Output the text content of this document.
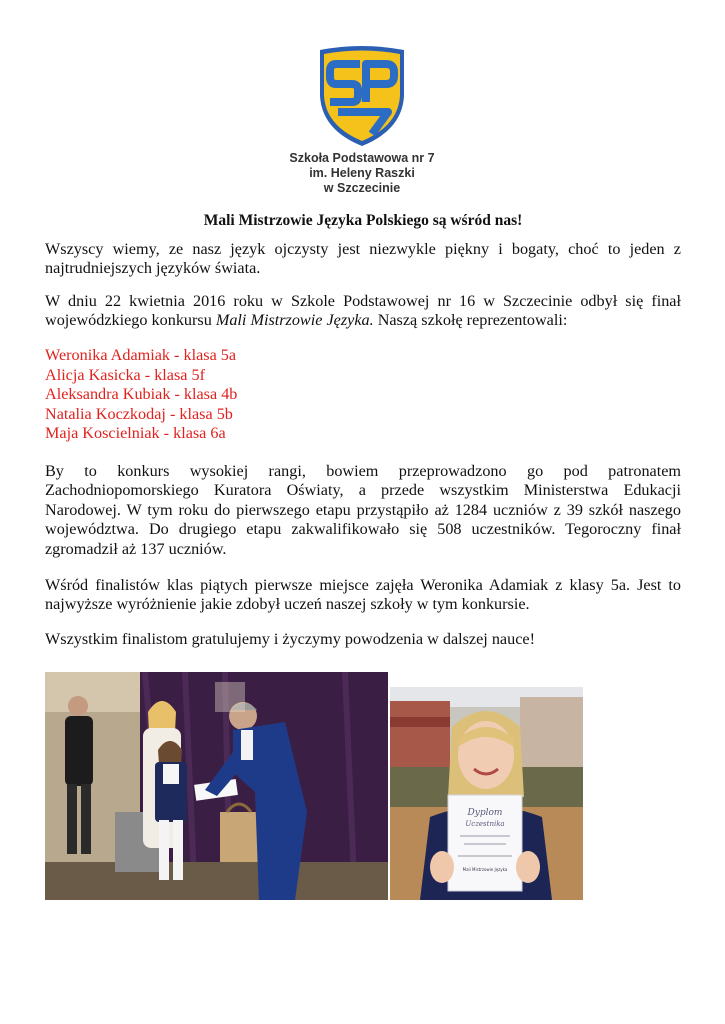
Szkoła Podstawowa nr 7
im. Heleny Raszki
w Szczecinie
Mali Mistrzowie Języka Polskiego są wśród nas!

Wszyscy wiemy, ze nasz język ojczysty jest niezwykle piękny i bogaty, choć to jeden z najtrudniejszych języków świata.

W dniu 22 kwietnia 2016 roku w Szkole Podstawowej nr 16 w Szczecinie odbył się finał wojewódzkiego konkursu Mali Mistrzowie Języka. Naszą szkołę reprezentowali:

Weronika Adamiak - klasa 5a
Alicja Kasicka - klasa 5f
Aleksandra Kubiak - klasa 4b
Natalia Koczkodaj - klasa 5b
Maja Koscielniak - klasa 6a

By to konkurs wysokiej rangi, bowiem przeprowadzono go pod patronatem Zachodniopomorskiego Kuratora Oświaty, a przede wszystkim Ministerstwa Edukacji Narodowej. W tym roku do pierwszego etapu przystąpiło aż 1284 uczniów z 39 szkół naszego województwa. Do drugiego etapu zakwalifikowało się 508 uczestników. Tegoroczny finał zgromadził aż 137 uczniów.

Wśród finalistów klas piątych pierwsze miejsce zajęła Weronika Adamiak z klasy 5a. Jest to najwyższe wyróżnienie jakie zdobył uczeń naszej szkoły w tym konkursie.

Wszystkim finalistom gratulujemy i życzymy powodzenia w dalszej nauce!

Dyplom
Uczestnika
Mali Mistrzowie Języka
